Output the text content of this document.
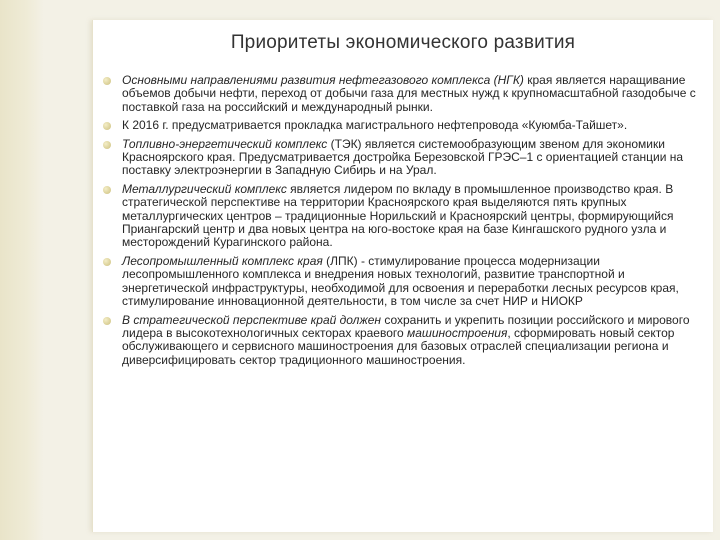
Приоритеты экономического развития
Основными направлениями развития нефтегазового комплекса (НГК) края является наращивание объемов добычи нефти, переход от добычи газа для местных нужд к крупномасштабной газодобыче с поставкой газа на российский и международный рынки.
К 2016 г. предусматривается прокладка магистрального нефтепровода «Куюмба-Тайшет».
Топливно-энергетический комплекс (ТЭК) является системообразующим звеном для экономики Красноярского края. Предусматривается достройка Березовской ГРЭС–1 с ориентацией станции на поставку электроэнергии в Западную Сибирь и на Урал.
Металлургический комплекс является лидером по вкладу в промышленное производство края. В стратегической перспективе на территории Красноярского края выделяются пять крупных металлургических центров – традиционные Норильский и Красноярский центры, формирующийся Приангарский центр и два новых центра на юго-востоке края на базе Кингашского рудного узла и месторождений Курагинского района.
Лесопромышленный комплекс края (ЛПК) - стимулирование процесса модернизации лесопромышленного комплекса и внедрения новых технологий, развитие транспортной и энергетической инфраструктуры, необходимой для освоения и переработки лесных ресурсов края, стимулирование инновационной деятельности, в том числе за счет НИР и НИОКР
В стратегической перспективе край должен сохранить и укрепить позиции российского и мирового лидера в высокотехнологичных секторах краевого машиностроения, сформировать новый сектор обслуживающего и сервисного машиностроения для базовых отраслей специализации региона и диверсифицировать сектор традиционного машиностроения.
